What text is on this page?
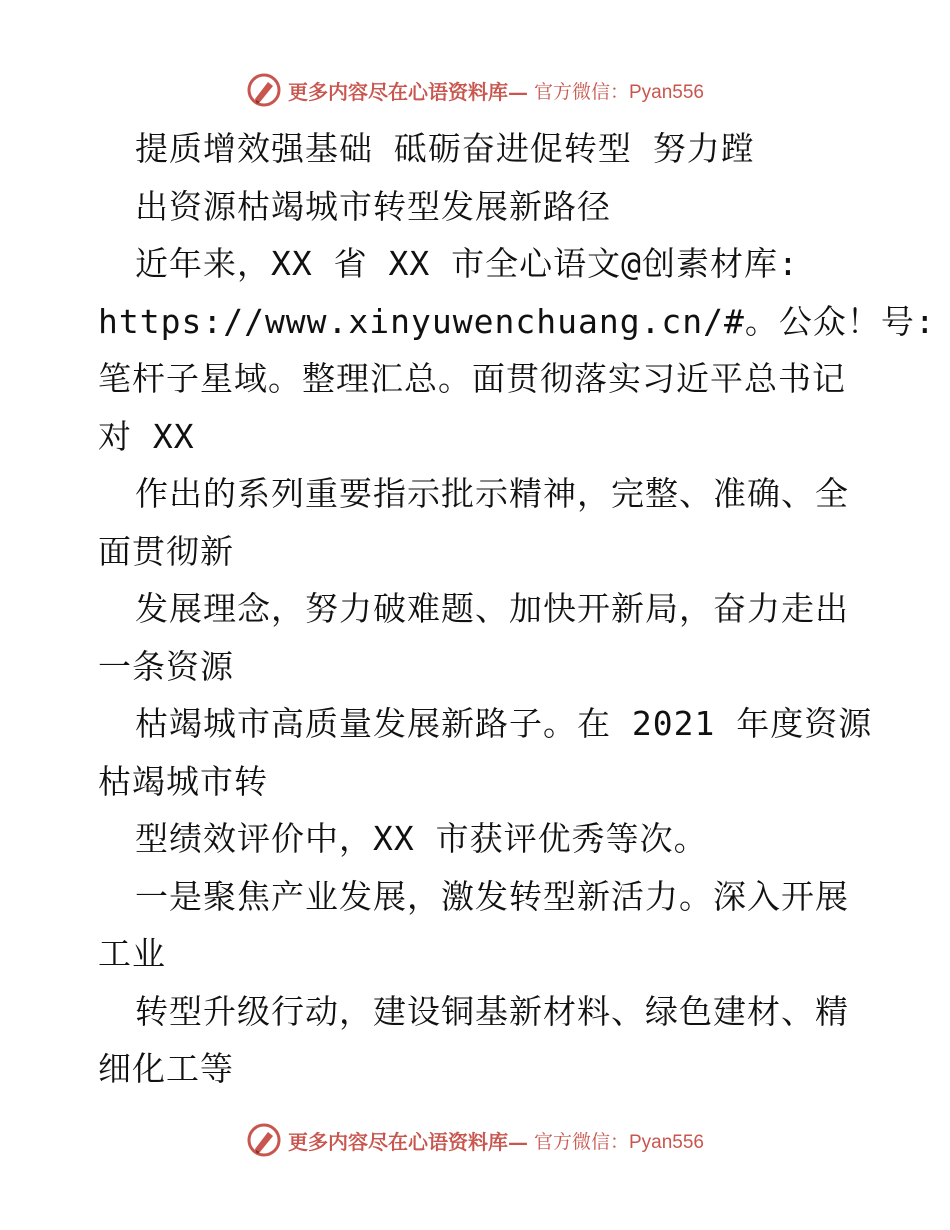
更多内容尽在心语资料库— 官方微信：Pyan556
提质增效强基础 砥砺奋进促转型 努力蹚
出资源枯竭城市转型发展新路径
近年来，XX 省 XX 市全心语文@创素材库:
https://www.xinyuwenchuang.cn/#。公众！号:
笔杆子星域。整理汇总。面贯彻落实习近平总书记
对 XX
作出的系列重要指示批示精神，完整、准确、全
面贯彻新
发展理念，努力破难题、加快开新局，奋力走出
一条资源
枯竭城市高质量发展新路子。在 2021 年度资源
枯竭城市转
型绩效评价中，XX 市获评优秀等次。
一是聚焦产业发展，激发转型新活力。深入开展
工业
转型升级行动，建设铜基新材料、绿色建材、精
细化工等
更多内容尽在心语资料库— 官方微信：Pyan556
